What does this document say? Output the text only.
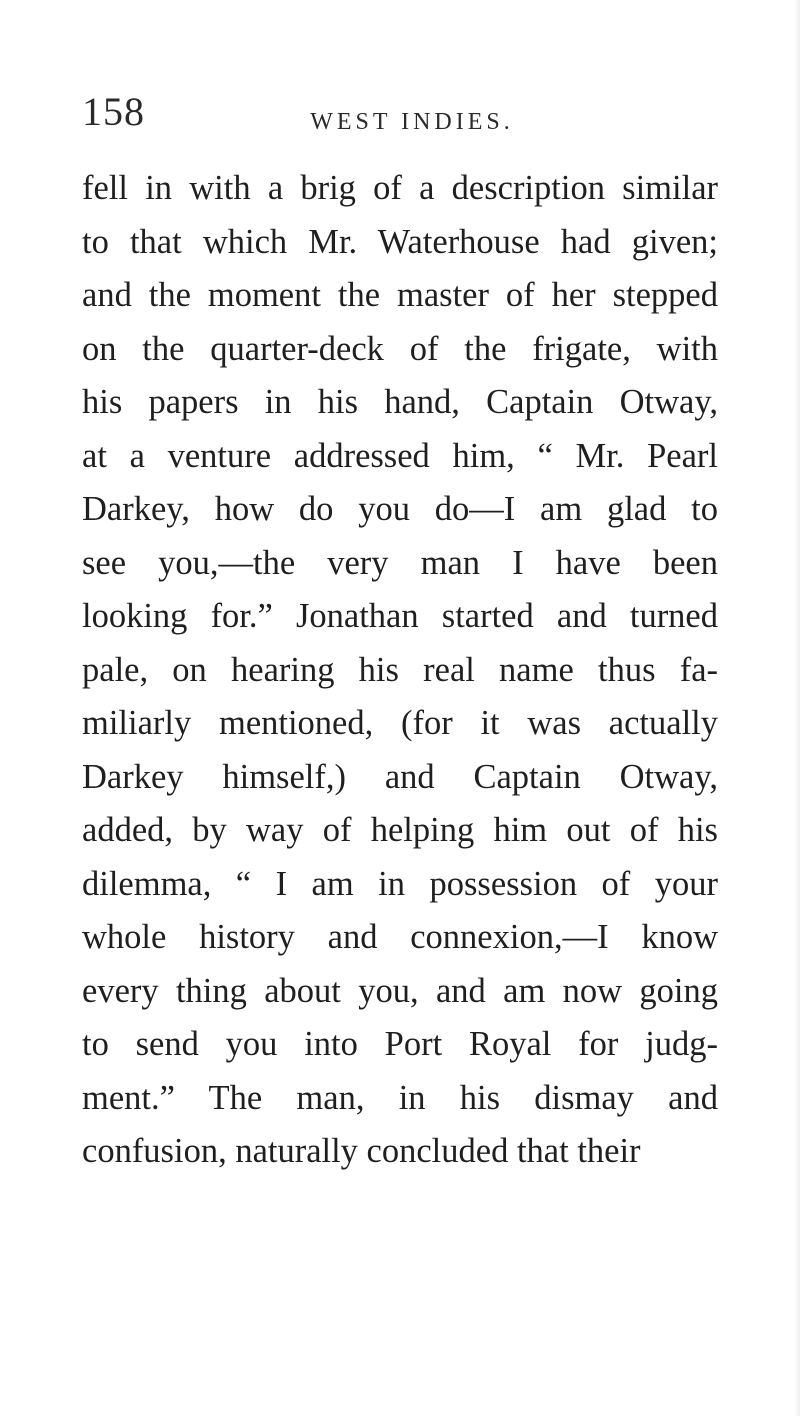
158	WEST INDIES.
fell in with a brig of a description similar
to that which Mr. Waterhouse had given;
and the moment the master of her stepped
on the quarter-deck of the frigate, with
his papers in his hand, Captain Otway,
at a venture addressed him, “ Mr. Pearl
Darkey, how do you do—I am glad to
see you,—the very man I have been
looking for.” Jonathan started and turned
pale, on hearing his real name thus fa-
miliarly mentioned, (for it was actually
Darkey himself,) and Captain Otway,
added, by way of helping him out of his
dilemma, “ I am in possession of your
whole history and connexion,—I know
every thing about you, and am now going
to send you into Port Royal for judg-
ment.” The man, in his dismay and
confusion, naturally concluded that their
